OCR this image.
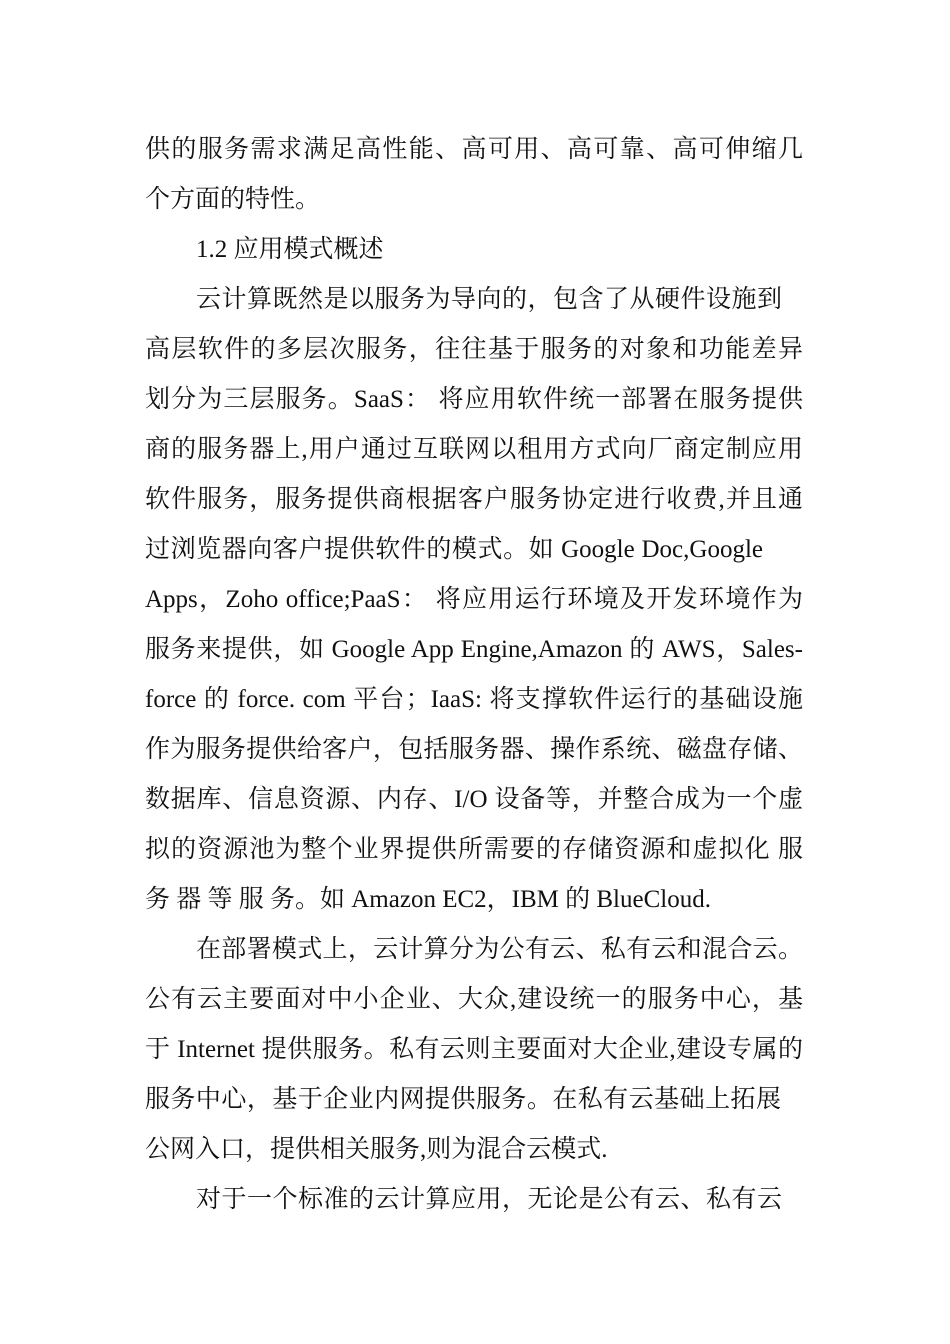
供的服务需求满足高性能、高可用、高可靠、高可伸缩几
个方面的特性。
1.2 应用模式概述
云计算既然是以服务为导向的，包含了从硬件设施到
高层软件的多层次服务，往往基于服务的对象和功能差异
划分为三层服务。SaaS： 将应用软件统一部署在服务提供
商的服务器上,用户通过互联网以租用方式向厂商定制应用
软件服务，服务提供商根据客户服务协定进行收费,并且通
过浏览器向客户提供软件的模式。如 Google Doc,Google
Apps，Zoho office;PaaS： 将应用运行环境及开发环境作为
服务来提供，如 Google App Engine,Amazon 的 AWS，Sales-
force 的 force. com 平台；IaaS: 将支撑软件运行的基础设施
作为服务提供给客户，包括服务器、操作系统、磁盘存储、
数据库、信息资源、内存、I/O 设备等，并整合成为一个虚
拟的资源池为整个业界提供所需要的存储资源和虚拟化 服
务 器 等 服 务。如 Amazon EC2，IBM 的 BlueCloud.
在部署模式上，云计算分为公有云、私有云和混合云。
公有云主要面对中小企业、大众,建设统一的服务中心，基
于 Internet 提供服务。私有云则主要面对大企业,建设专属的
服务中心，基于企业内网提供服务。在私有云基础上拓展
公网入口，提供相关服务,则为混合云模式.
对于一个标准的云计算应用，无论是公有云、私有云
